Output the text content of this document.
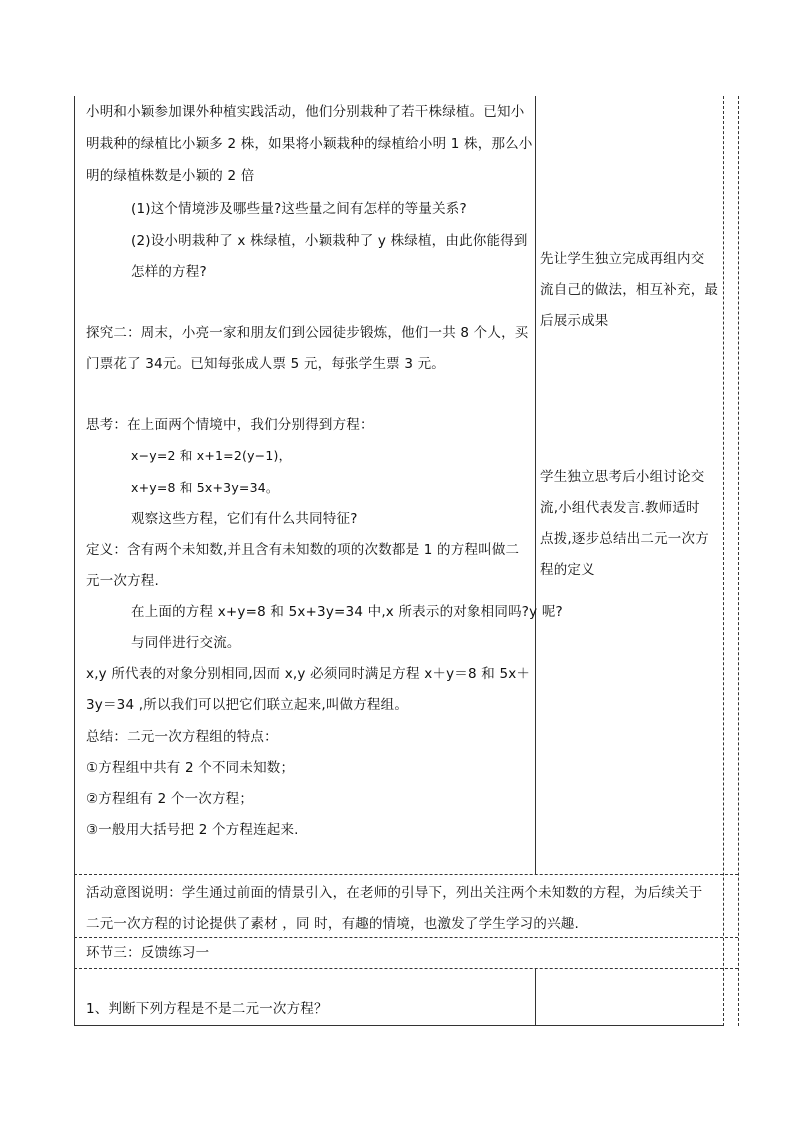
小明和小颖参加课外种植实践活动，他们分别栽种了若干株绿植。已知小
明栽种的绿植比小颖多 2 株，如果将小颖栽种的绿植给小明 1 株，那么小
明的绿植株数是小颖的 2 倍
(1)这个情境涉及哪些量?这些量之间有怎样的等量关系?
(2)设小明栽种了 x 株绿植，小颖栽种了 y 株绿植，由此你能得到
怎样的方程?
探究二：周末，小亮一家和朋友们到公园徒步锻炼，他们一共 8 个人，买
门票花了 34元。已知每张成人票 5 元，每张学生票 3 元。
思考：在上面两个情境中，我们分别得到方程：
x−y=2 和 x+1=2(y−1)，
x+y=8 和 5x+3y=34。
观察这些方程，它们有什么共同特征?
定义：含有两个未知数,并且含有未知数的项的次数都是 1 的方程叫做二
元一次方程.
在上面的方程 x+y=8 和 5x+3y=34 中,x 所表示的对象相同吗?y 呢?
与同伴进行交流。
x,y 所代表的对象分别相同,因而 x,y 必须同时满足方程 x＋y＝8 和 5x＋
3y＝34 ,所以我们可以把它们联立起来,叫做方程组。
总结：二元一次方程组的特点：
①方程组中共有 2 个不同未知数；
②方程组有 2 个一次方程；
③一般用大括号把 2 个方程连起来.
先让学生独立完成再组内交
流自己的做法，相互补充，最
后展示成果
学生独立思考后小组讨论交
流,小组代表发言.教师适时
点拨,逐步总结出二元一次方
程的定义
活动意图说明：学生通过前面的情景引入，在老师的引导下，列出关注两个未知数的方程，为后续关于
二元一次方程的讨论提供了素材 ，同 时，有趣的情境，也激发了学生学习的兴趣.
环节三：反馈练习一
1、判断下列方程是不是二元一次方程？
